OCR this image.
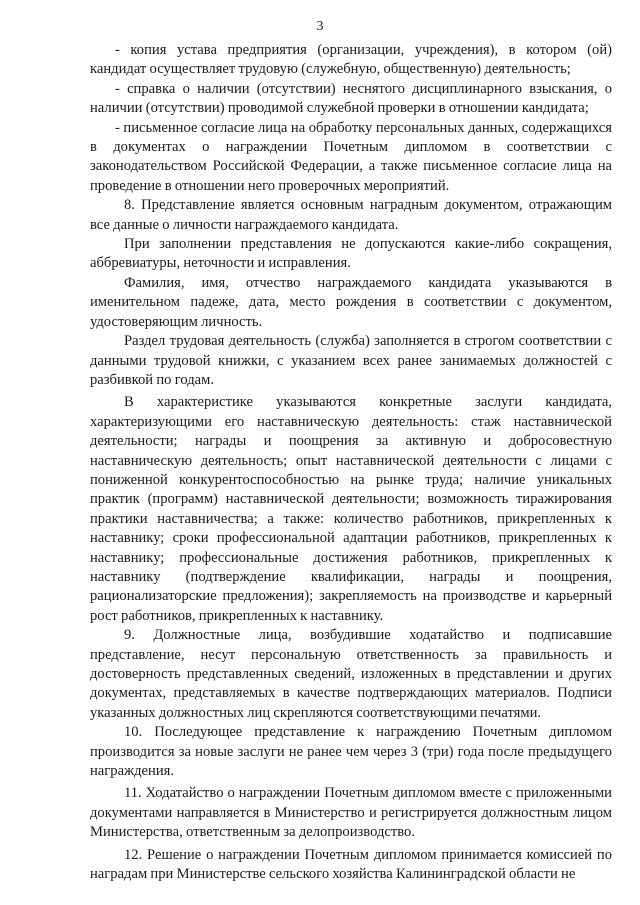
3

- копия устава предприятия (организации, учреждения), в котором (ой) кандидат осуществляет трудовую (служебную, общественную) деятельность;

- справка о наличии (отсутствии) неснятого дисциплинарного взыскания, о наличии (отсутствии) проводимой служебной проверки в отношении кандидата;

- письменное согласие лица на обработку персональных данных, содержащихся в документах о награждении Почетным дипломом в соответствии с законодательством Российской Федерации, а также письменное согласие лица на проведение в отношении него проверочных мероприятий.

8. Представление является основным наградным документом, отражающим все данные о личности награждаемого кандидата.

При заполнении представления не допускаются какие-либо сокращения, аббревиатуры, неточности и исправления.

Фамилия, имя, отчество награждаемого кандидата указываются в именительном падеже, дата, место рождения в соответствии с документом, удостоверяющим личность.

Раздел трудовая деятельность (служба) заполняется в строгом соответствии с данными трудовой книжки, с указанием всех ранее занимаемых должностей с разбивкой по годам.

В характеристике указываются конкретные заслуги кандидата, характеризующими его наставническую деятельность: стаж наставнической деятельности; награды и поощрения за активную и добросовестную наставническую деятельность; опыт наставнической деятельности с лицами с пониженной конкурентоспособностью на рынке труда; наличие уникальных практик (программ) наставнической деятельности; возможность тиражирования практики наставничества; а также: количество работников, прикрепленных к наставнику; сроки профессиональной адаптации работников, прикрепленных к наставнику; профессиональные достижения работников, прикрепленных к наставнику (подтверждение квалификации, награды и поощрения, рационализаторские предложения); закрепляемость на производстве и карьерный рост работников, прикрепленных к наставнику.

9. Должностные лица, возбудившие ходатайство и подписавшие представление, несут персональную ответственность за правильность и достоверность представленных сведений, изложенных в представлении и других документах, представляемых в качестве подтверждающих материалов. Подписи указанных должностных лиц скрепляются соответствующими печатями.

10. Последующее представление к награждению Почетным дипломом производится за новые заслуги не ранее чем через 3 (три) года после предыдущего награждения.

11. Ходатайство о награждении Почетным дипломом вместе с приложенными документами направляется в Министерство и регистрируется должностным лицом Министерства, ответственным за делопроизводство.

12. Решение о награждении Почетным дипломом принимается комиссией по наградам при Министерстве сельского хозяйства Калининградской области не
